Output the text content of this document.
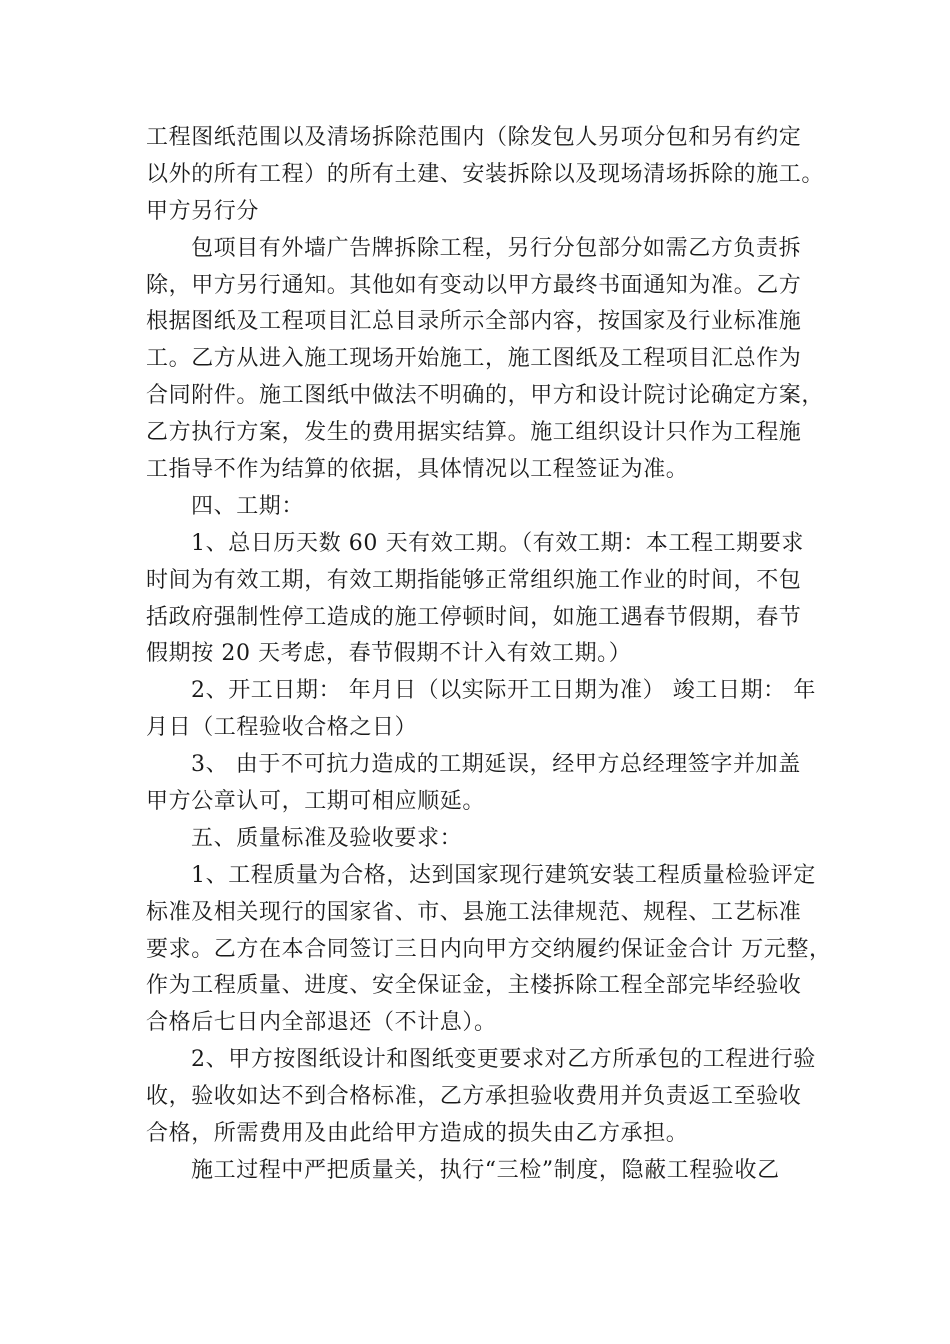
工程图纸范围以及清场拆除范围内（除发包人另项分包和另有约定
以外的所有工程）的所有土建、安装拆除以及现场清场拆除的施工。
甲方另行分
包项目有外墙广告牌拆除工程，另行分包部分如需乙方负责拆
除，甲方另行通知。其他如有变动以甲方最终书面通知为准。乙方
根据图纸及工程项目汇总目录所示全部内容，按国家及行业标准施
工。乙方从进入施工现场开始施工，施工图纸及工程项目汇总作为
合同附件。施工图纸中做法不明确的，甲方和设计院讨论确定方案，
乙方执行方案，发生的费用据实结算。施工组织设计只作为工程施
工指导不作为结算的依据，具体情况以工程签证为准。
四、工期：
1、总日历天数 60 天有效工期。（有效工期：本工程工期要求
时间为有效工期，有效工期指能够正常组织施工作业的时间，不包
括政府强制性停工造成的施工停顿时间，如施工遇春节假期，春节
假期按 20 天考虑，春节假期不计入有效工期。）
2、开工日期： 年月日（以实际开工日期为准） 竣工日期： 年
月日（工程验收合格之日）
3、 由于不可抗力造成的工期延误，经甲方总经理签字并加盖
甲方公章认可，工期可相应顺延。
五、质量标准及验收要求：
1、工程质量为合格，达到国家现行建筑安装工程质量检验评定
标准及相关现行的国家省、市、县施工法律规范、规程、工艺标准
要求。乙方在本合同签订三日内向甲方交纳履约保证金合计 万元整，
作为工程质量、进度、安全保证金，主楼拆除工程全部完毕经验收
合格后七日内全部退还（不计息）。
2、甲方按图纸设计和图纸变更要求对乙方所承包的工程进行验
收，验收如达不到合格标准，乙方承担验收费用并负责返工至验收
合格，所需费用及由此给甲方造成的损失由乙方承担。
施工过程中严把质量关，执行“三检”制度，隐蔽工程验收乙
